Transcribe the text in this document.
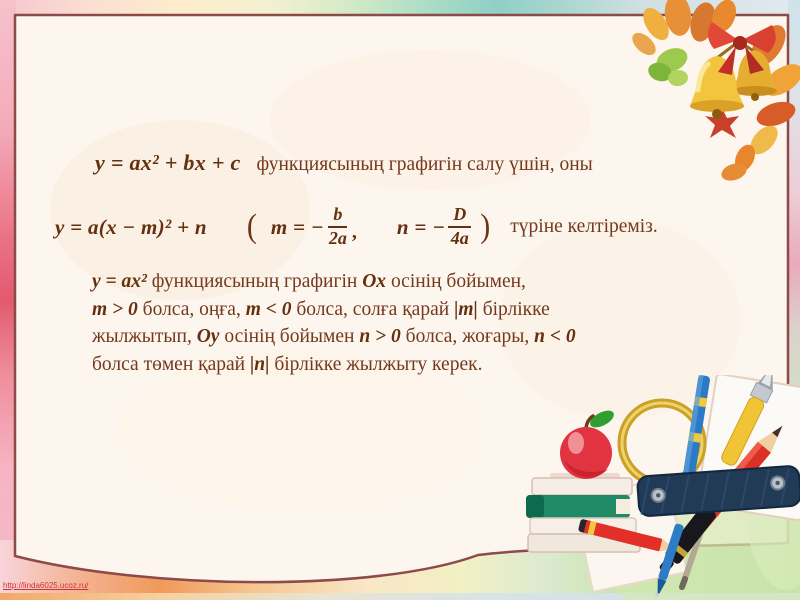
y = ax² + bx + c функциясының графигін салу үшін, оны
y = a(x − m)² + n ( m = − $\frac{b}{2a}$ , n = − $\frac{D}{4a}$ ) түріне келтіреміз.
y = ax² функциясының графигін Ox осінің бойымен,
m > 0 болса, оңға, m < 0 болса, солға қарай |m| бірлікке
жылжытып, Oy осінің бойымен n > 0 болса, жоғары, n < 0
болса төмен қарай |n| бірлікке жылжыту керек.
http://linda6025.ucoz.ru/
